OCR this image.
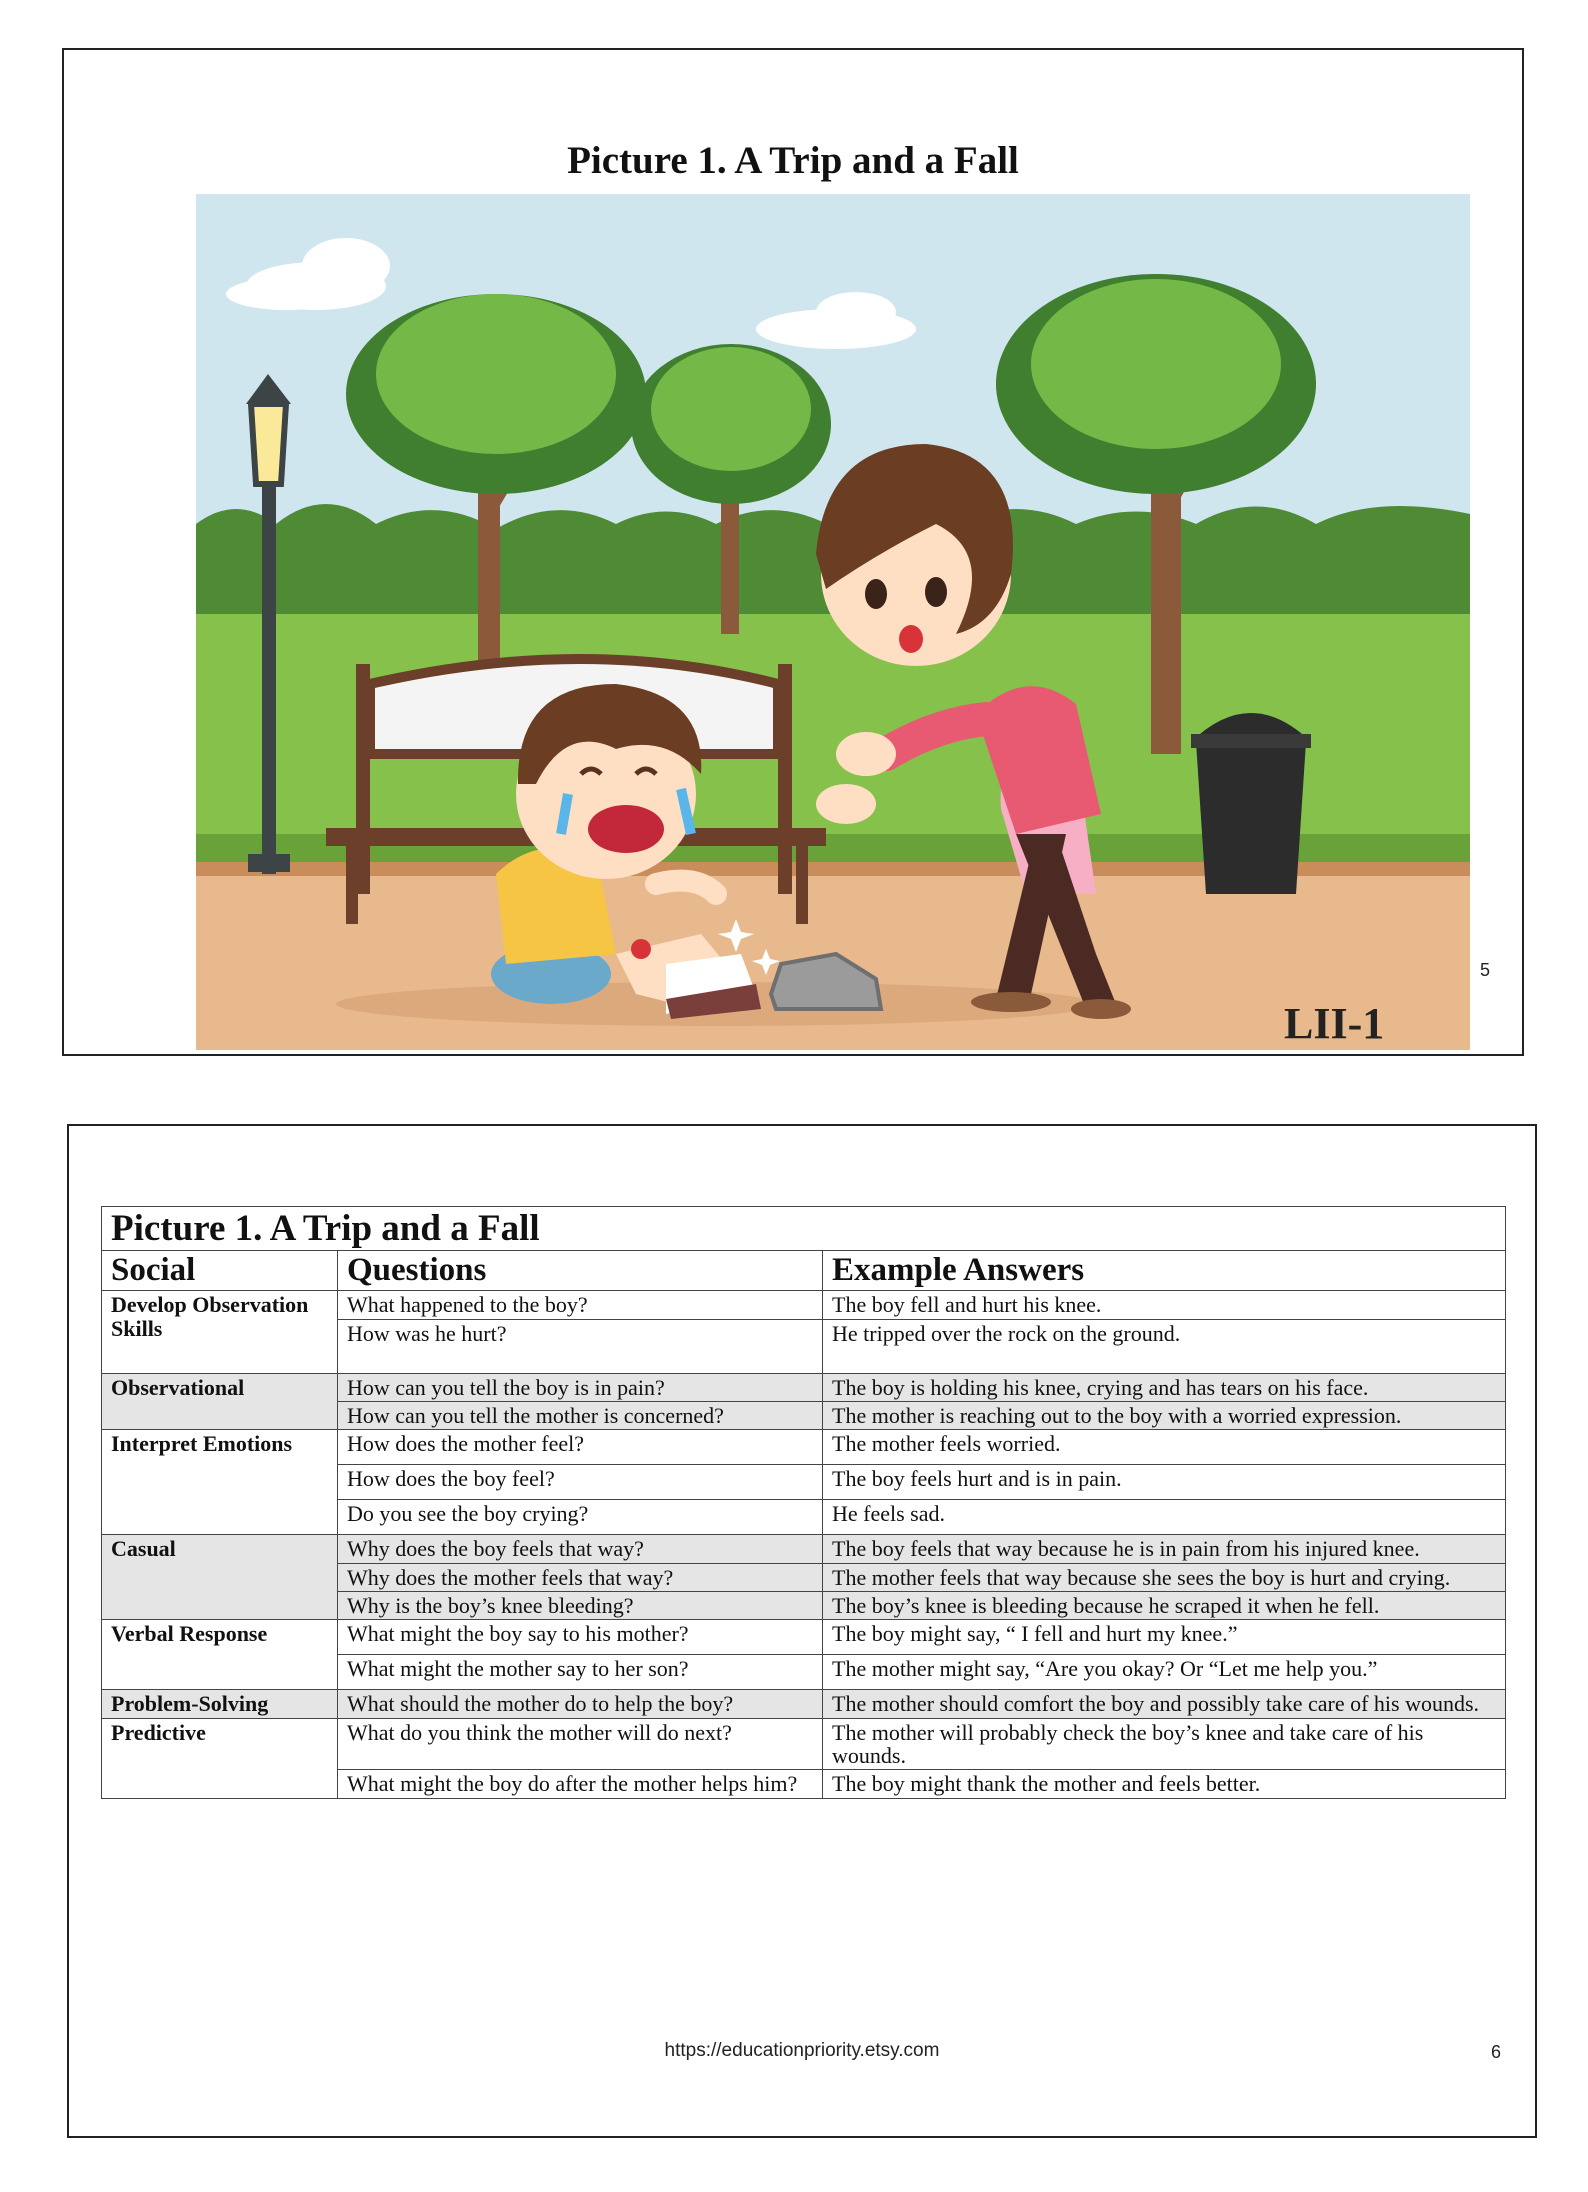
Picture 1. A Trip and a Fall
LII-1
5
Picture 1. A Trip and a Fall		
Social	Questions	Example Answers
Develop Observation Skills	What happened to the boy?	The boy fell and hurt his knee.
	How was he hurt?	He tripped over the rock on the ground.
Observational	How can you tell the boy is in pain?	The boy is holding his knee, crying and has tears on his face.
	How can you tell the mother is concerned?	The mother is reaching out to the boy with a worried expression.
Interpret Emotions	How does the mother feel?	The mother feels worried.
	How does the boy feel?	The boy feels hurt and is in pain.
	Do you see the boy crying?	He feels sad.
Casual	Why does the boy feels that way?	The boy feels that way because he is in pain from his injured knee.
	Why does the mother feels that way?	The mother feels that way because she sees the boy is hurt and crying.
	Why is the boy’s knee bleeding?	The boy’s knee is bleeding because he scraped it when he fell.
Verbal Response	What might the boy say to his mother?	The boy might say, “ I fell and hurt my knee.”
	What might the mother say to her son?	The mother might say, “Are you okay? Or “Let me help you.”
Problem-Solving	What should the mother do to help the boy?	The mother should comfort the boy and possibly take care of his wounds.
Predictive	What do you think the mother will do next?	The mother will probably check the boy’s knee and take care of his wounds.
	What might the boy do after the mother helps him?	The boy might thank the mother and feels better.
https://educationpriority.etsy.com	6
